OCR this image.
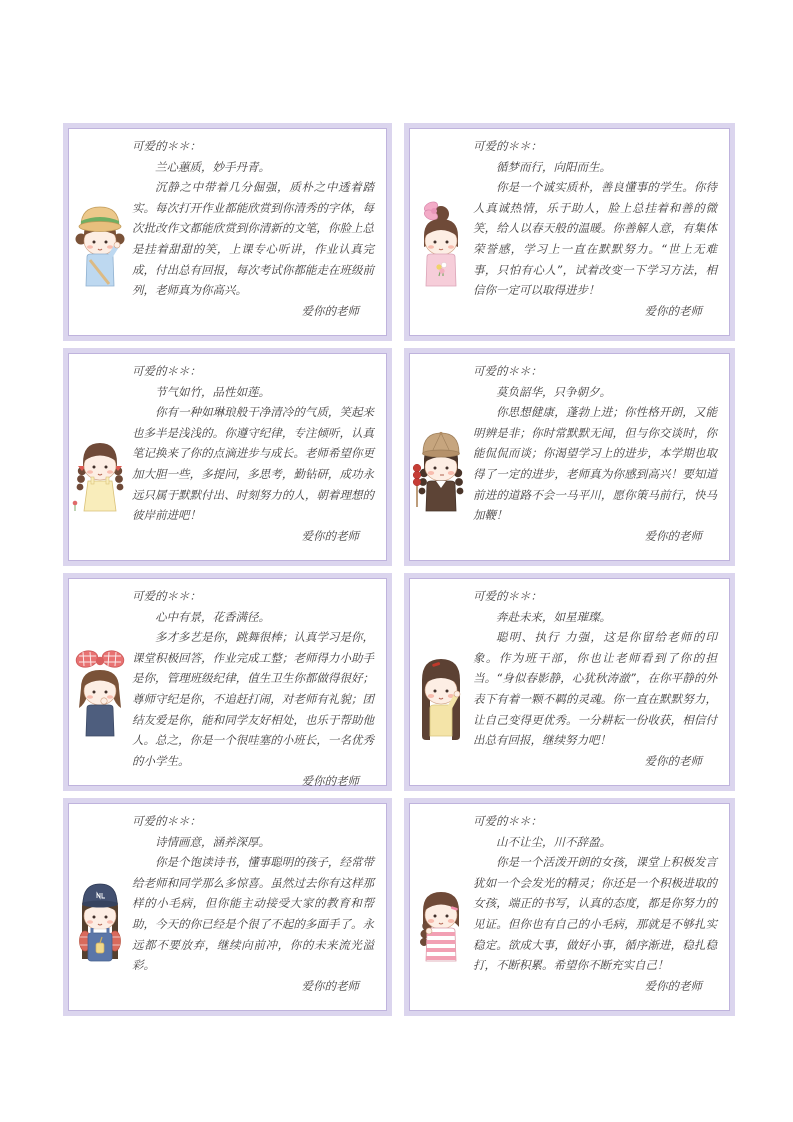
可爱的＊＊：
兰心蕙质，妙手丹青。
沉静之中带着几分倔强，质朴之中透着踏实。每次打开作业都能欣赏到你清秀的字体，每次批改作文都能欣赏到你清新的文笔，你脸上总是挂着甜甜的笑，上课专心听讲，作业认真完成，付出总有回报，每次考试你都能走在班级前列，老师真为你高兴。
爱你的老师
可爱的＊＊：
循梦而行，向阳而生。
你是一个诚实质朴，善良懂事的学生。你待人真诚热情，乐于助人，脸上总挂着和善的微笑，给人以春天般的温暖。你善解人意，有集体荣誉感，学习上一直在默默努力。“世上无难事，只怕有心人”，试着改变一下学习方法，相信你一定可以取得进步！
爱你的老师
可爱的＊＊：
节气如竹，品性如莲。
你有一种如琳琅般干净清冷的气质，笑起来也多半是浅浅的。你遵守纪律，专注倾听，认真笔记换来了你的点滴进步与成长。老师希望你更加大胆一些，多提问，多思考，勤钻研，成功永远只属于默默付出、时刻努力的人，朝着理想的彼岸前进吧！
爱你的老师
可爱的＊＊：
莫负韶华，只争朝夕。
你思想健康，蓬勃上进；你性格开朗，又能明辨是非；你时常默默无闻，但与你交谈时，你能侃侃而谈；你渴望学习上的进步，本学期也取得了一定的进步，老师真为你感到高兴！要知道前进的道路不会一马平川，愿你策马前行，快马加鞭！
爱你的老师
可爱的＊＊：
心中有景，花香满径。
多才多艺是你，跳舞很棒；认真学习是你，课堂积极回答，作业完成工整；老师得力小助手是你，管理班级纪律，值生卫生你都做得很好；尊师守纪是你，不追赶打闹，对老师有礼貌；团结友爱是你，能和同学友好相处，也乐于帮助他人。总之，你是一个很哇塞的小班长，一名优秀的小学生。
爱你的老师
可爱的＊＊：
奔赴未来，如星璀璨。
聪明、执行 力强，这是你留给老师的印象。作为班干部，你也让老师看到了你的担当。“身似春影静，心犹秋涛澈”，在你平静的外表下有着一颗不羁的灵魂。你一直在默默努力，让自己变得更优秀。一分耕耘一份收获，相信付出总有回报，继续努力吧！
爱你的老师
可爱的＊＊：
诗情画意，涵养深厚。
你是个饱读诗书，懂事聪明的孩子，经常带给老师和同学那么多惊喜。虽然过去你有这样那样的小毛病，但你能主动接受大家的教育和帮助，今天的你已经是个很了不起的多面手了。永远都不要放弃，继续向前冲，你的未来流光溢彩。
爱你的老师
可爱的＊＊：
山不让尘，川不辞盈。
你是一个活泼开朗的女孩，课堂上积极发言犹如一个会发光的精灵；你还是一个积极进取的女孩，端正的书写，认真的态度，都是你努力的见证。但你也有自己的小毛病，那就是不够扎实稳定。欲成大事，做好小事，循序渐进，稳扎稳打，不断积累。希望你不断充实自己！
爱你的老师
